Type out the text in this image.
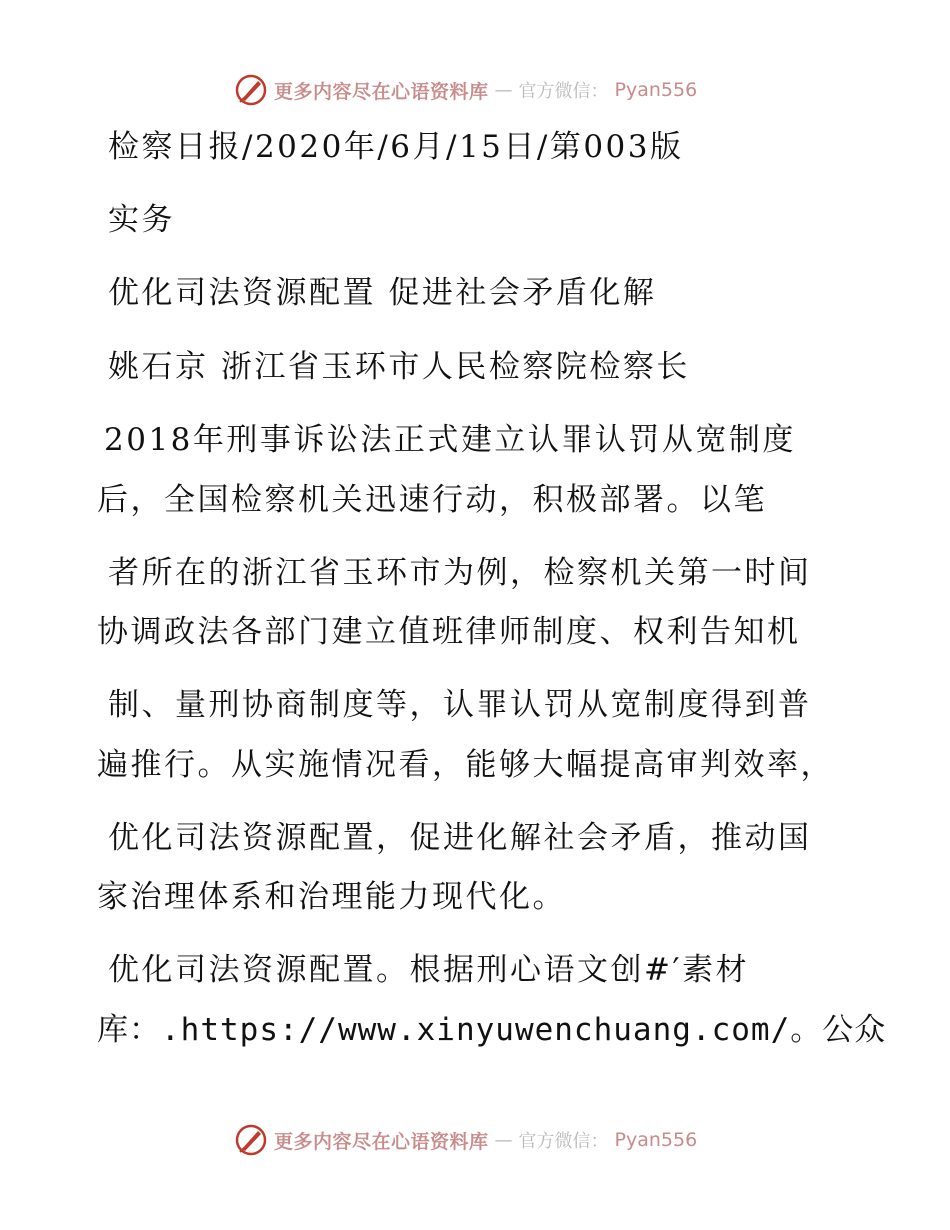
更多内容尽在心语资料库 — 官方微信： Pyan556
检察日报/2020年/6月/15日/第003版
实务
优化司法资源配置 促进社会矛盾化解
姚石京 浙江省玉环市人民检察院检察长
2018年刑事诉讼法正式建立认罪认罚从宽制度
后，全国检察机关迅速行动，积极部署。以笔
者所在的浙江省玉环市为例，检察机关第一时间
协调政法各部门建立值班律师制度、权利告知机
制、量刑协商制度等，认罪认罚从宽制度得到普
遍推行。从实施情况看，能够大幅提高审判效率，
优化司法资源配置，促进化解社会矛盾，推动国
家治理体系和治理能力现代化。
优化司法资源配置。根据刑心语文创#′素材
库：.https://www.xinyuwenchuang.com/。公众
更多内容尽在心语资料库 — 官方微信： Pyan556
